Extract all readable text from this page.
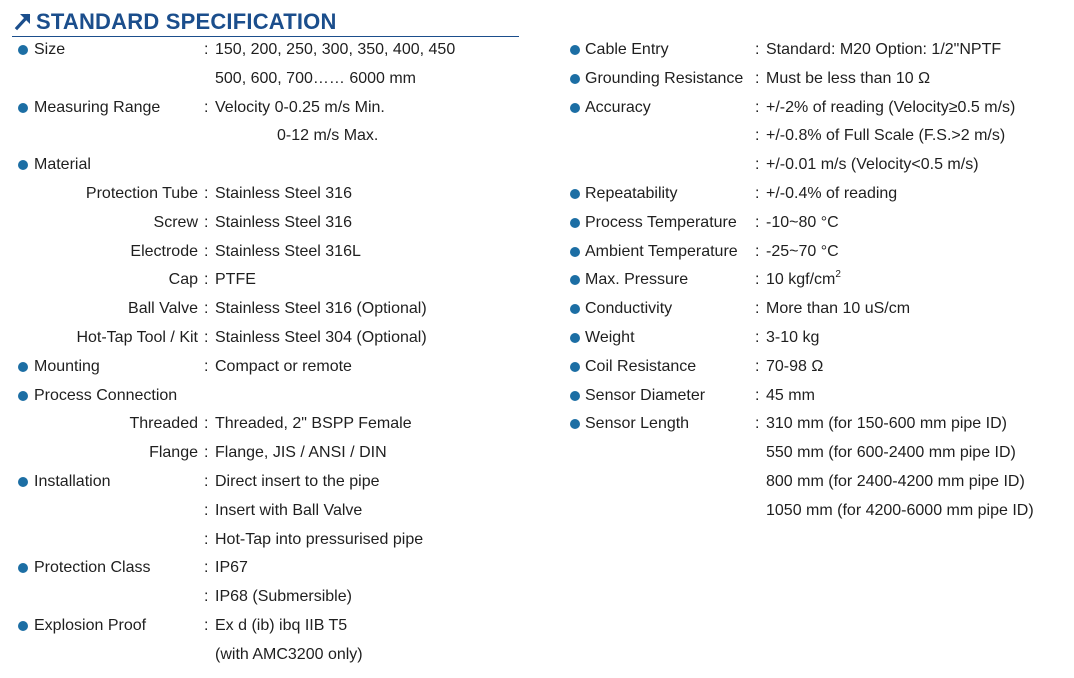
STANDARD SPECIFICATION
Size	: 150, 200, 250, 300, 350, 400, 450
500, 600, 700…… 6000 mm
Measuring Range	: Velocity 0-0.25 m/s Min.
0-12 m/s Max.
Material
Protection Tube : Stainless Steel 316
Screw : Stainless Steel 316
Electrode : Stainless Steel 316L
Cap : PTFE
Ball Valve : Stainless Steel 316 (Optional)
Hot-Tap Tool / Kit : Stainless Steel 304 (Optional)
Mounting	: Compact or remote
Process Connection
Threaded : Threaded, 2" BSPP Female
Flange : Flange, JIS / ANSI / DIN
Installation	: Direct insert to the pipe
: Insert with Ball Valve
: Hot-Tap into pressurised pipe
Protection Class	: IP67
: IP68 (Submersible)
Explosion Proof	: Ex d (ib) ibq IIB T5
(with AMC3200 only)
Cable Entry	: Standard: M20 Option: 1/2"NPTF
Grounding Resistance : Must be less than 10 Ω
Accuracy	: +/-2% of reading (Velocity≥0.5 m/s)
: +/-0.8% of Full Scale (F.S.>2 m/s)
: +/-0.01 m/s (Velocity<0.5 m/s)
Repeatability	: +/-0.4% of reading
Process Temperature : -10~80 °C
Ambient Temperature : -25~70 °C
Max. Pressure	: 10 kgf/$cm^2$
Conductivity	: More than 10 uS/cm
Weight	: 3-10 kg
Coil Resistance	: 70-98 Ω
Sensor Diameter	: 45 mm
Sensor Length	: 310 mm (for 150-600 mm pipe ID)
550 mm (for 600-2400 mm pipe ID)
800 mm (for 2400-4200 mm pipe ID)
1050 mm (for 4200-6000 mm pipe ID)
